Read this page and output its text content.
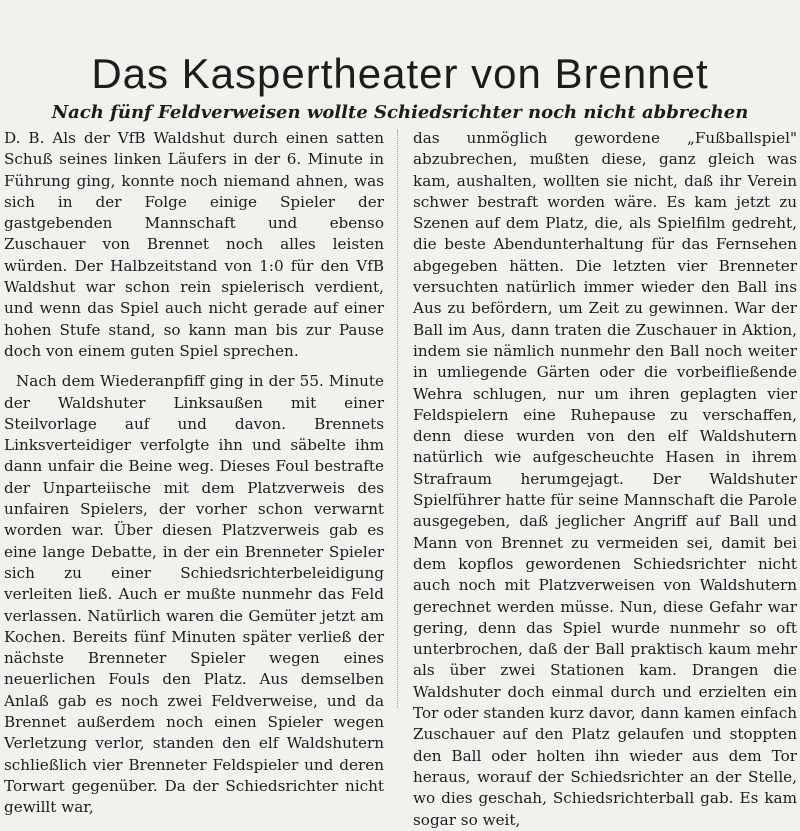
Das Kaspertheater von Brennet
Nach fünf Feldverweisen wollte Schiedsrichter noch nicht abbrechen

D. B. Als der VfB Waldshut durch einen satten Schuß seines linken Läufers in der 6. Minute in Führung ging, konnte noch niemand ahnen, was sich in der Folge einige Spieler der gastgebenden Mannschaft und ebenso Zuschauer von Brennet noch alles leisten würden. Der Halbzeitstand von 1:0 für den VfB Waldshut war schon rein spielerisch verdient, und wenn das Spiel auch nicht gerade auf einer hohen Stufe stand, so kann man bis zur Pause doch von einem guten Spiel sprechen.

Nach dem Wiederanpfiff ging in der 55. Minute der Waldshuter Linksaußen mit einer Steilvorlage auf und davon. Brennets Linksverteidiger verfolgte ihn und säbelte ihm dann unfair die Beine weg. Dieses Foul bestrafte der Unparteiische mit dem Platzverweis des unfairen Spielers, der vorher schon verwarnt worden war. Über diesen Platzverweis gab es eine lange Debatte, in der ein Brenneter Spieler sich zu einer Schiedsrichterbeleidigung verleiten ließ. Auch er mußte nunmehr das Feld verlassen. Natürlich waren die Gemüter jetzt am Kochen. Bereits fünf Minuten später verließ der nächste Brenneter Spieler wegen eines neuerlichen Fouls den Platz. Aus demselben Anlaß gab es noch zwei Feldverweise, und da Brennet außerdem noch einen Spieler wegen Verletzung verlor, standen den elf Waldshutern schließlich vier Brenneter Feldspieler und deren Torwart gegenüber. Da der Schiedsrichter nicht gewillt war,

das unmöglich gewordene „Fußballspiel" abzubrechen, mußten diese, ganz gleich was kam, aushalten, wollten sie nicht, daß ihr Verein schwer bestraft worden wäre. Es kam jetzt zu Szenen auf dem Platz, die, als Spielfilm gedreht, die beste Abendunterhaltung für das Fernsehen abgegeben hätten. Die letzten vier Brenneter versuchten natürlich immer wieder den Ball ins Aus zu befördern, um Zeit zu gewinnen. War der Ball im Aus, dann traten die Zuschauer in Aktion, indem sie nämlich nunmehr den Ball noch weiter in umliegende Gärten oder die vorbeifließende Wehra schlugen, nur um ihren geplagten vier Feldspielern eine Ruhepause zu verschaffen, denn diese wurden von den elf Waldshutern natürlich wie aufgescheuchte Hasen in ihrem Strafraum herumgejagt. Der Waldshuter Spielführer hatte für seine Mannschaft die Parole ausgegeben, daß jeglicher Angriff auf Ball und Mann von Brennet zu vermeiden sei, damit bei dem kopflos gewordenen Schiedsrichter nicht auch noch mit Platzverweisen von Waldshutern gerechnet werden müsse. Nun, diese Gefahr war gering, denn das Spiel wurde nunmehr so oft unterbrochen, daß der Ball praktisch kaum mehr als über zwei Stationen kam. Drangen die Waldshuter doch einmal durch und erzielten ein Tor oder standen kurz davor, dann kamen einfach Zuschauer auf den Platz gelaufen und stoppten den Ball oder holten ihn wieder aus dem Tor heraus, worauf der Schiedsrichter an der Stelle, wo dies geschah, Schiedsrichterball gab. Es kam sogar so weit,
